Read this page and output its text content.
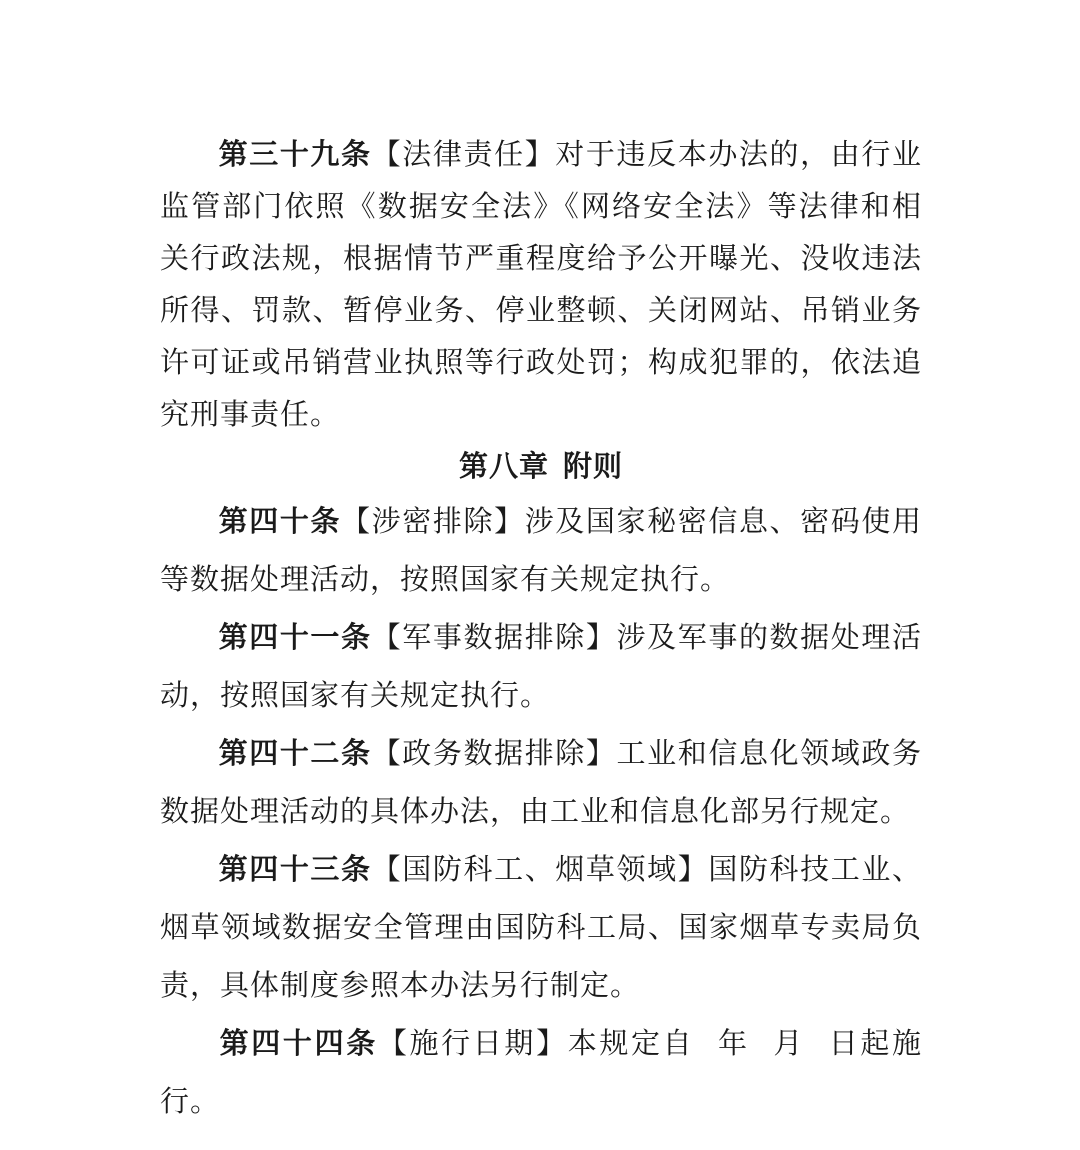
第三十九条【法律责任】对于违反本办法的，由行业监管部门依照《数据安全法》《网络安全法》等法律和相关行政法规，根据情节严重程度给予公开曝光、没收违法所得、罚款、暂停业务、停业整顿、关闭网站、吊销业务许可证或吊销营业执照等行政处罚；构成犯罪的，依法追究刑事责任。

第八章 附则

第四十条【涉密排除】涉及国家秘密信息、密码使用等数据处理活动，按照国家有关规定执行。

第四十一条【军事数据排除】涉及军事的数据处理活动，按照国家有关规定执行。

第四十二条【政务数据排除】工业和信息化领域政务数据处理活动的具体办法，由工业和信息化部另行规定。

第四十三条【国防科工、烟草领域】国防科技工业、烟草领域数据安全管理由国防科工局、国家烟草专卖局负责，具体制度参照本办法另行制定。

第四十四条【施行日期】本规定自  年  月  日起施行。
